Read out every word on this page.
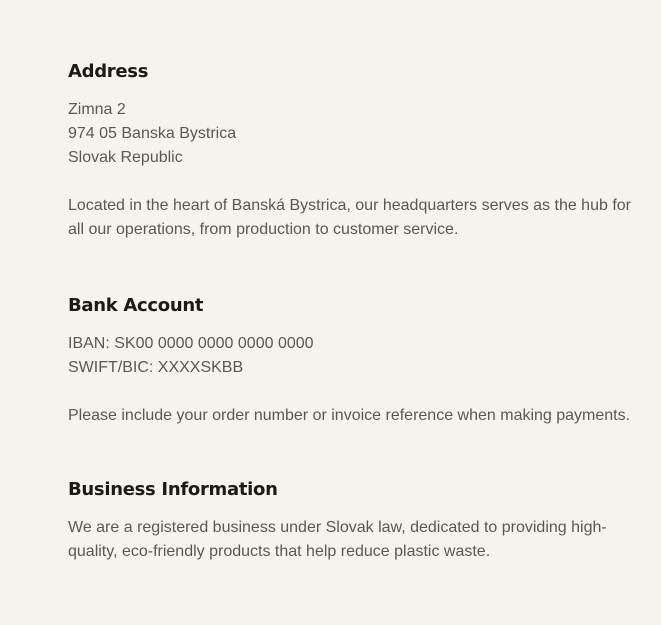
Address
Zimna 2
974 05 Banska Bystrica
Slovak Republic

Located in the heart of Banská Bystrica, our headquarters serves as the hub for all our operations, from production to customer service.

Bank Account
IBAN: SK00 0000 0000 0000 0000
SWIFT/BIC: XXXXSKBB

Please include your order number or invoice reference when making payments.

Business Information

We are a registered business under Slovak law, dedicated to providing high-quality, eco-friendly products that help reduce plastic waste.
